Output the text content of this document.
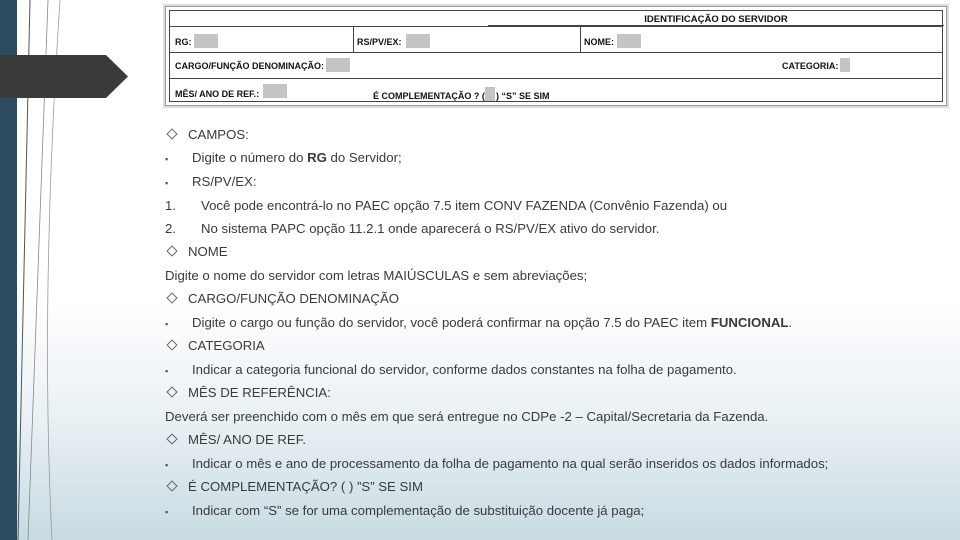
IDENTIFICAÇÃO DO SERVIDOR
RG:	RS/PV/EX:	NOME:
CARGO/FUNÇÃO DENOMINAÇÃO:	CATEGORIA:
MÊS/ ANO DE REF.:	É COMPLEMENTAÇÃO ? ( ) “S” SE SIM
CAMPOS:
▪ Digite o número do RG do Servidor;
▪ RS/PV/EX:
1. Você pode encontrá-lo no PAEC opção 7.5 item CONV FAZENDA (Convênio Fazenda) ou
2. No sistema PAPC opção 11.2.1 onde aparecerá o RS/PV/EX ativo do servidor.
NOME
Digite o nome do servidor com letras MAIÚSCULAS e sem abreviações;
CARGO/FUNÇÃO DENOMINAÇÃO
▪ Digite o cargo ou função do servidor, você poderá confirmar na opção 7.5 do PAEC item FUNCIONAL.
CATEGORIA
▪ Indicar a categoria funcional do servidor, conforme dados constantes na folha de pagamento.
MÊS DE REFERÊNCIA:
Deverá ser preenchido com o mês em que será entregue no CDPe -2 – Capital/Secretaria da Fazenda.
MÊS/ ANO DE REF.
▪ Indicar o mês e ano de processamento da folha de pagamento na qual serão inseridos os dados informados;
É COMPLEMENTAÇÃO? ( ) ”S” SE SIM
▪ Indicar com “S” se for uma complementação de substituição docente já paga;
